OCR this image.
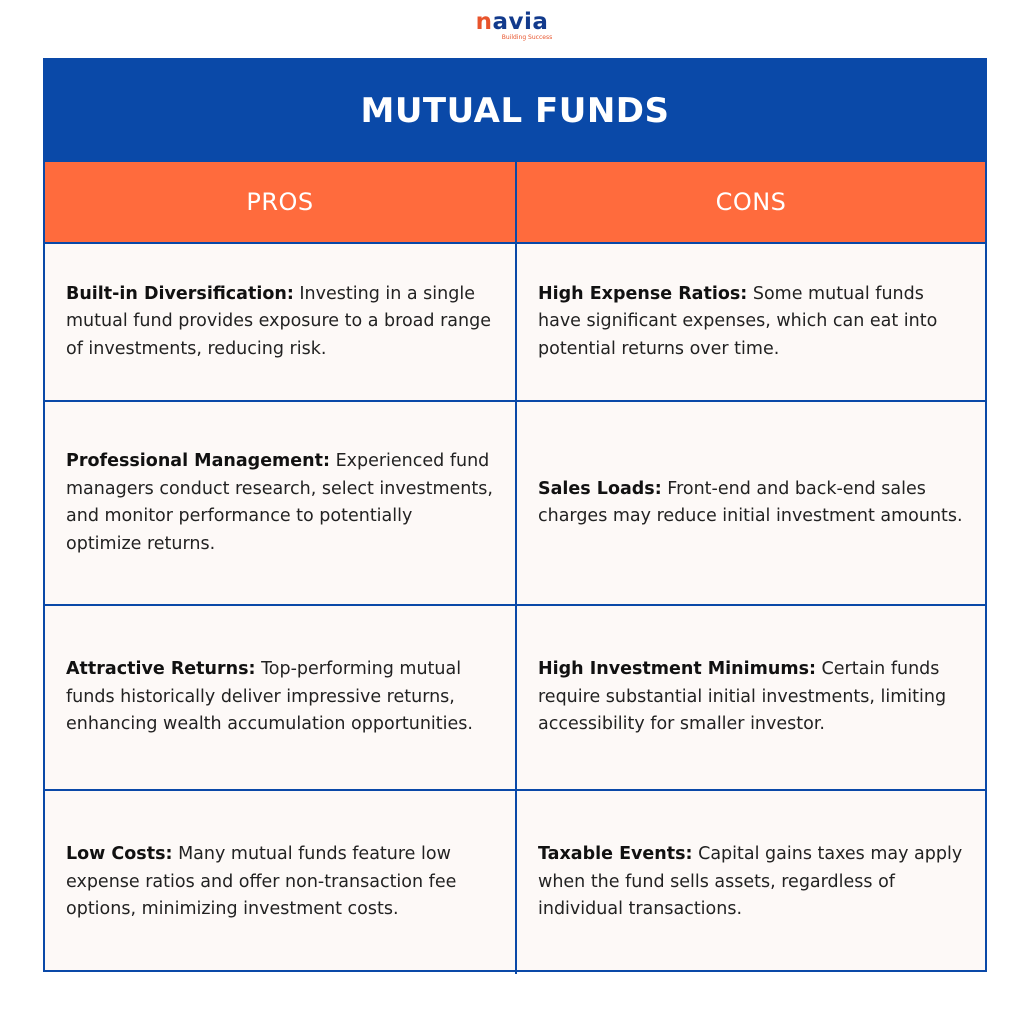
navia
Building Success
MUTUAL FUNDS
PROS	CONS

Built-in Diversification: Investing in a single mutual fund provides exposure to a broad range of investments, reducing risk.

High Expense Ratios: Some mutual funds have significant expenses, which can eat into potential returns over time.

Professional Management: Experienced fund managers conduct research, select investments, and monitor performance to potentially optimize returns.

Sales Loads: Front-end and back-end sales charges may reduce initial investment amounts.

Attractive Returns: Top-performing mutual funds historically deliver impressive returns, enhancing wealth accumulation opportunities.

High Investment Minimums: Certain funds require substantial initial investments, limiting accessibility for smaller investor.

Low Costs: Many mutual funds feature low expense ratios and offer non-transaction fee options, minimizing investment costs.

Taxable Events: Capital gains taxes may apply when the fund sells assets, regardless of individual transactions.
